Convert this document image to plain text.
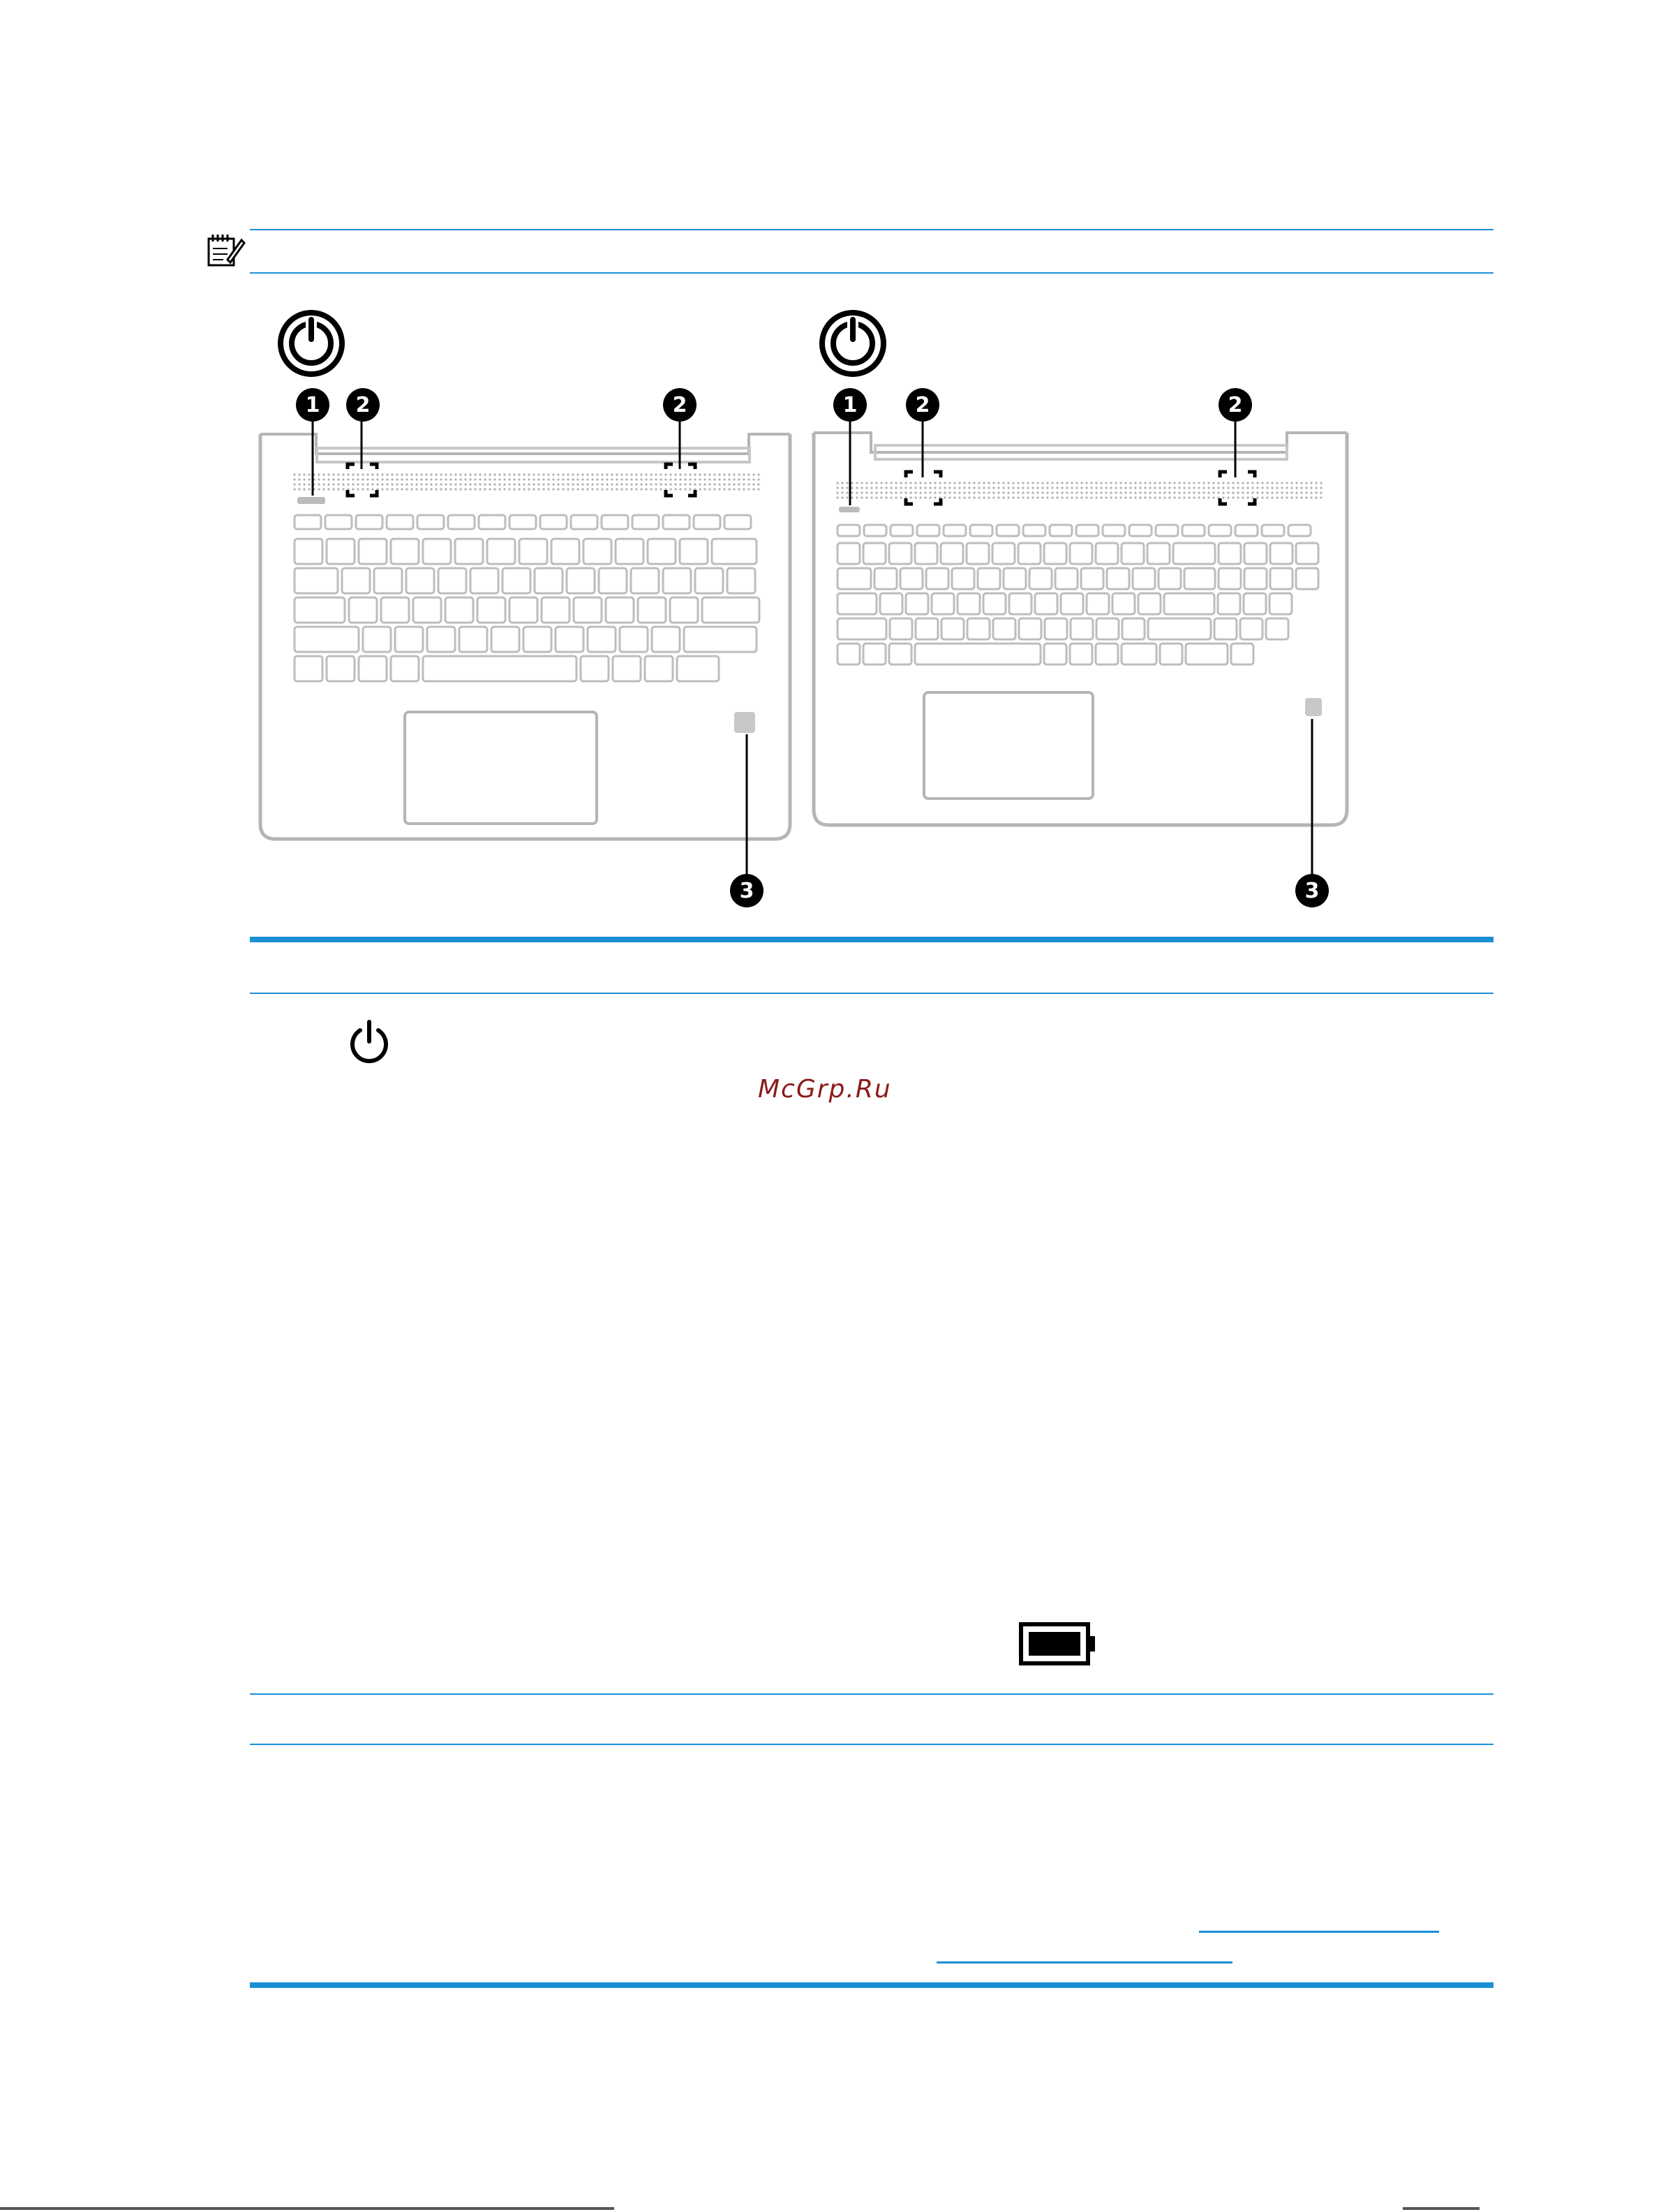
1 2	2
3
1	2	2
3
McGrp.Ru
